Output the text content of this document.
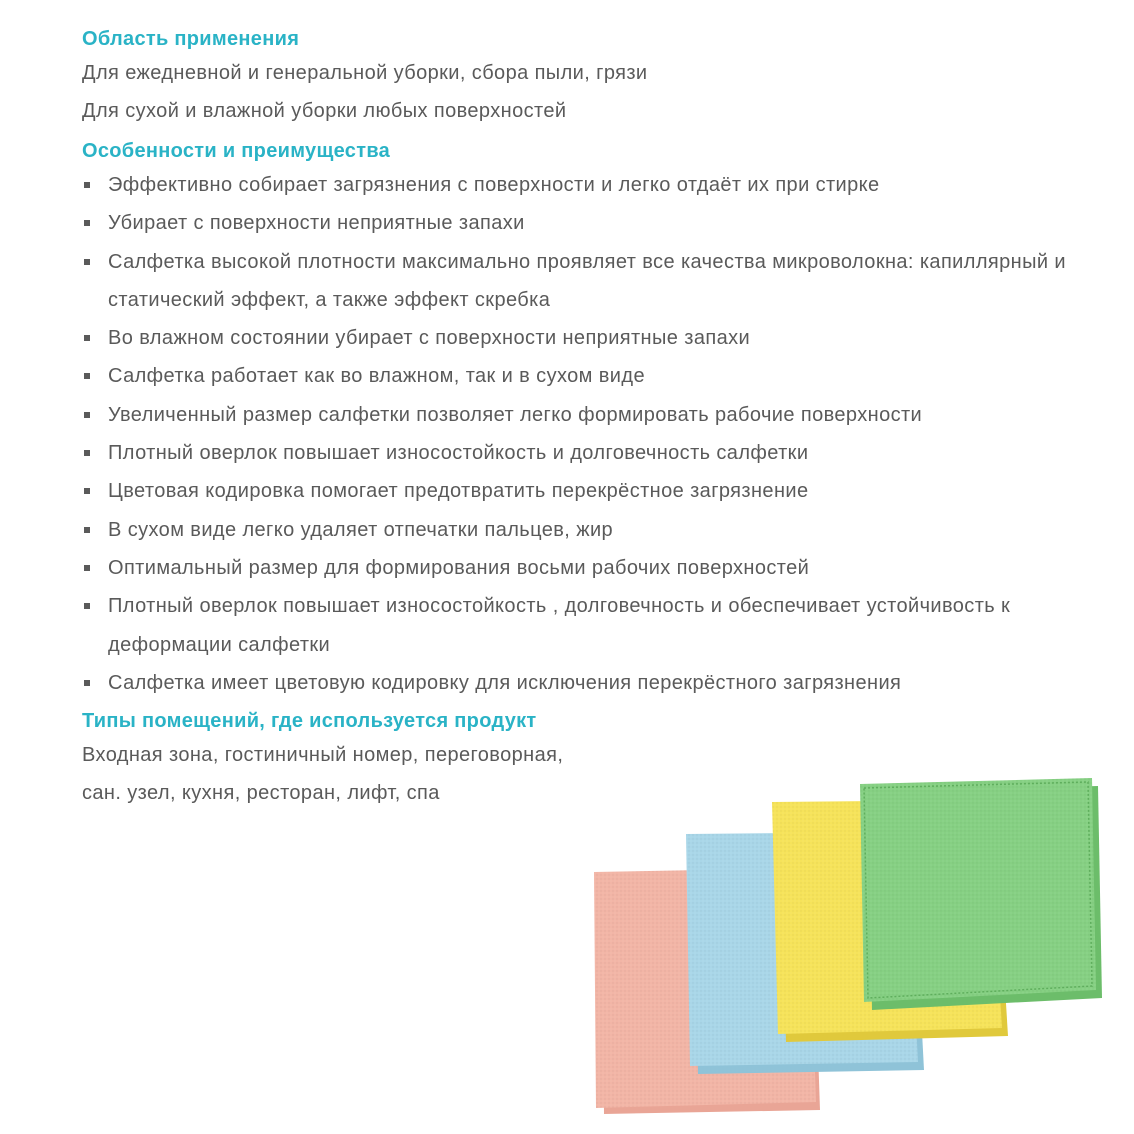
Область применения

Для ежедневной и генеральной уборки, сбора пыли, грязи

Для сухой и влажной уборки любых поверхностей

Особенности и преимущества
Эффективно собирает загрязнения с поверхности и легко отдаёт их при стирке
Убирает с поверхности неприятные запахи
Салфетка высокой плотности максимально проявляет все качества микроволокна: капиллярный и статический эффект, а также эффект скребка
Во влажном состоянии убирает с поверхности неприятные запахи
Салфетка работает как во влажном, так и в сухом виде
Увеличенный размер салфетки позволяет легко формировать рабочие поверхности
Плотный оверлок повышает износостойкость и долговечность салфетки
Цветовая кодировка помогает предотвратить перекрёстное загрязнение
В сухом виде легко удаляет отпечатки пальцев, жир
Оптимальный размер для формирования восьми рабочих поверхностей
Плотный оверлок повышает износостойкость , долговечность и обеспечивает устойчивость к деформации салфетки
Салфетка имеет цветовую кодировку для исключения перекрёстного загрязнения
Типы помещений, где используется продукт

Входная зона, гостиничный номер, переговорная,

сан. узел, кухня, ресторан, лифт, спа
